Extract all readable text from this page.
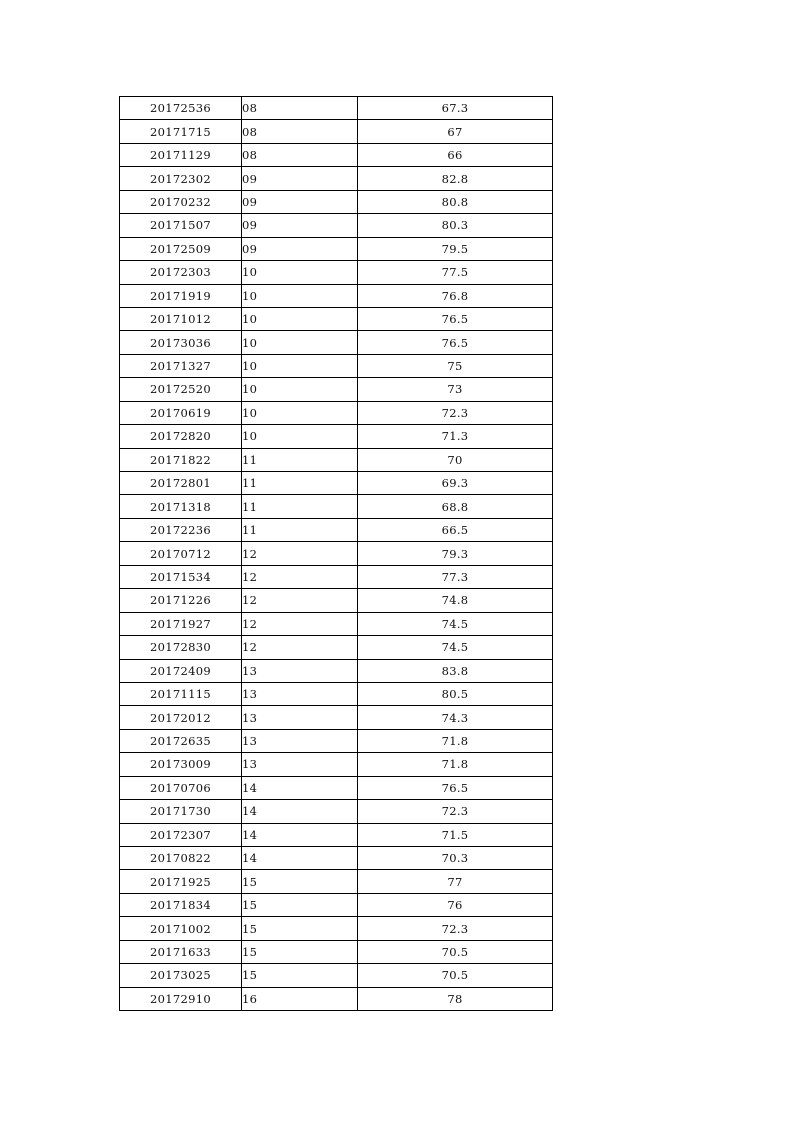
20172536	08	67.3
20171715	08	67
20171129	08	66
20172302	09	82.8
20170232	09	80.8
20171507	09	80.3
20172509	09	79.5
20172303	10	77.5
20171919	10	76.8
20171012	10	76.5
20173036	10	76.5
20171327	10	75
20172520	10	73
20170619	10	72.3
20172820	10	71.3
20171822	11	70
20172801	11	69.3
20171318	11	68.8
20172236	11	66.5
20170712	12	79.3
20171534	12	77.3
20171226	12	74.8
20171927	12	74.5
20172830	12	74.5
20172409	13	83.8
20171115	13	80.5
20172012	13	74.3
20172635	13	71.8
20173009	13	71.8
20170706	14	76.5
20171730	14	72.3
20172307	14	71.5
20170822	14	70.3
20171925	15	77
20171834	15	76
20171002	15	72.3
20171633	15	70.5
20173025	15	70.5
20172910	16	78
